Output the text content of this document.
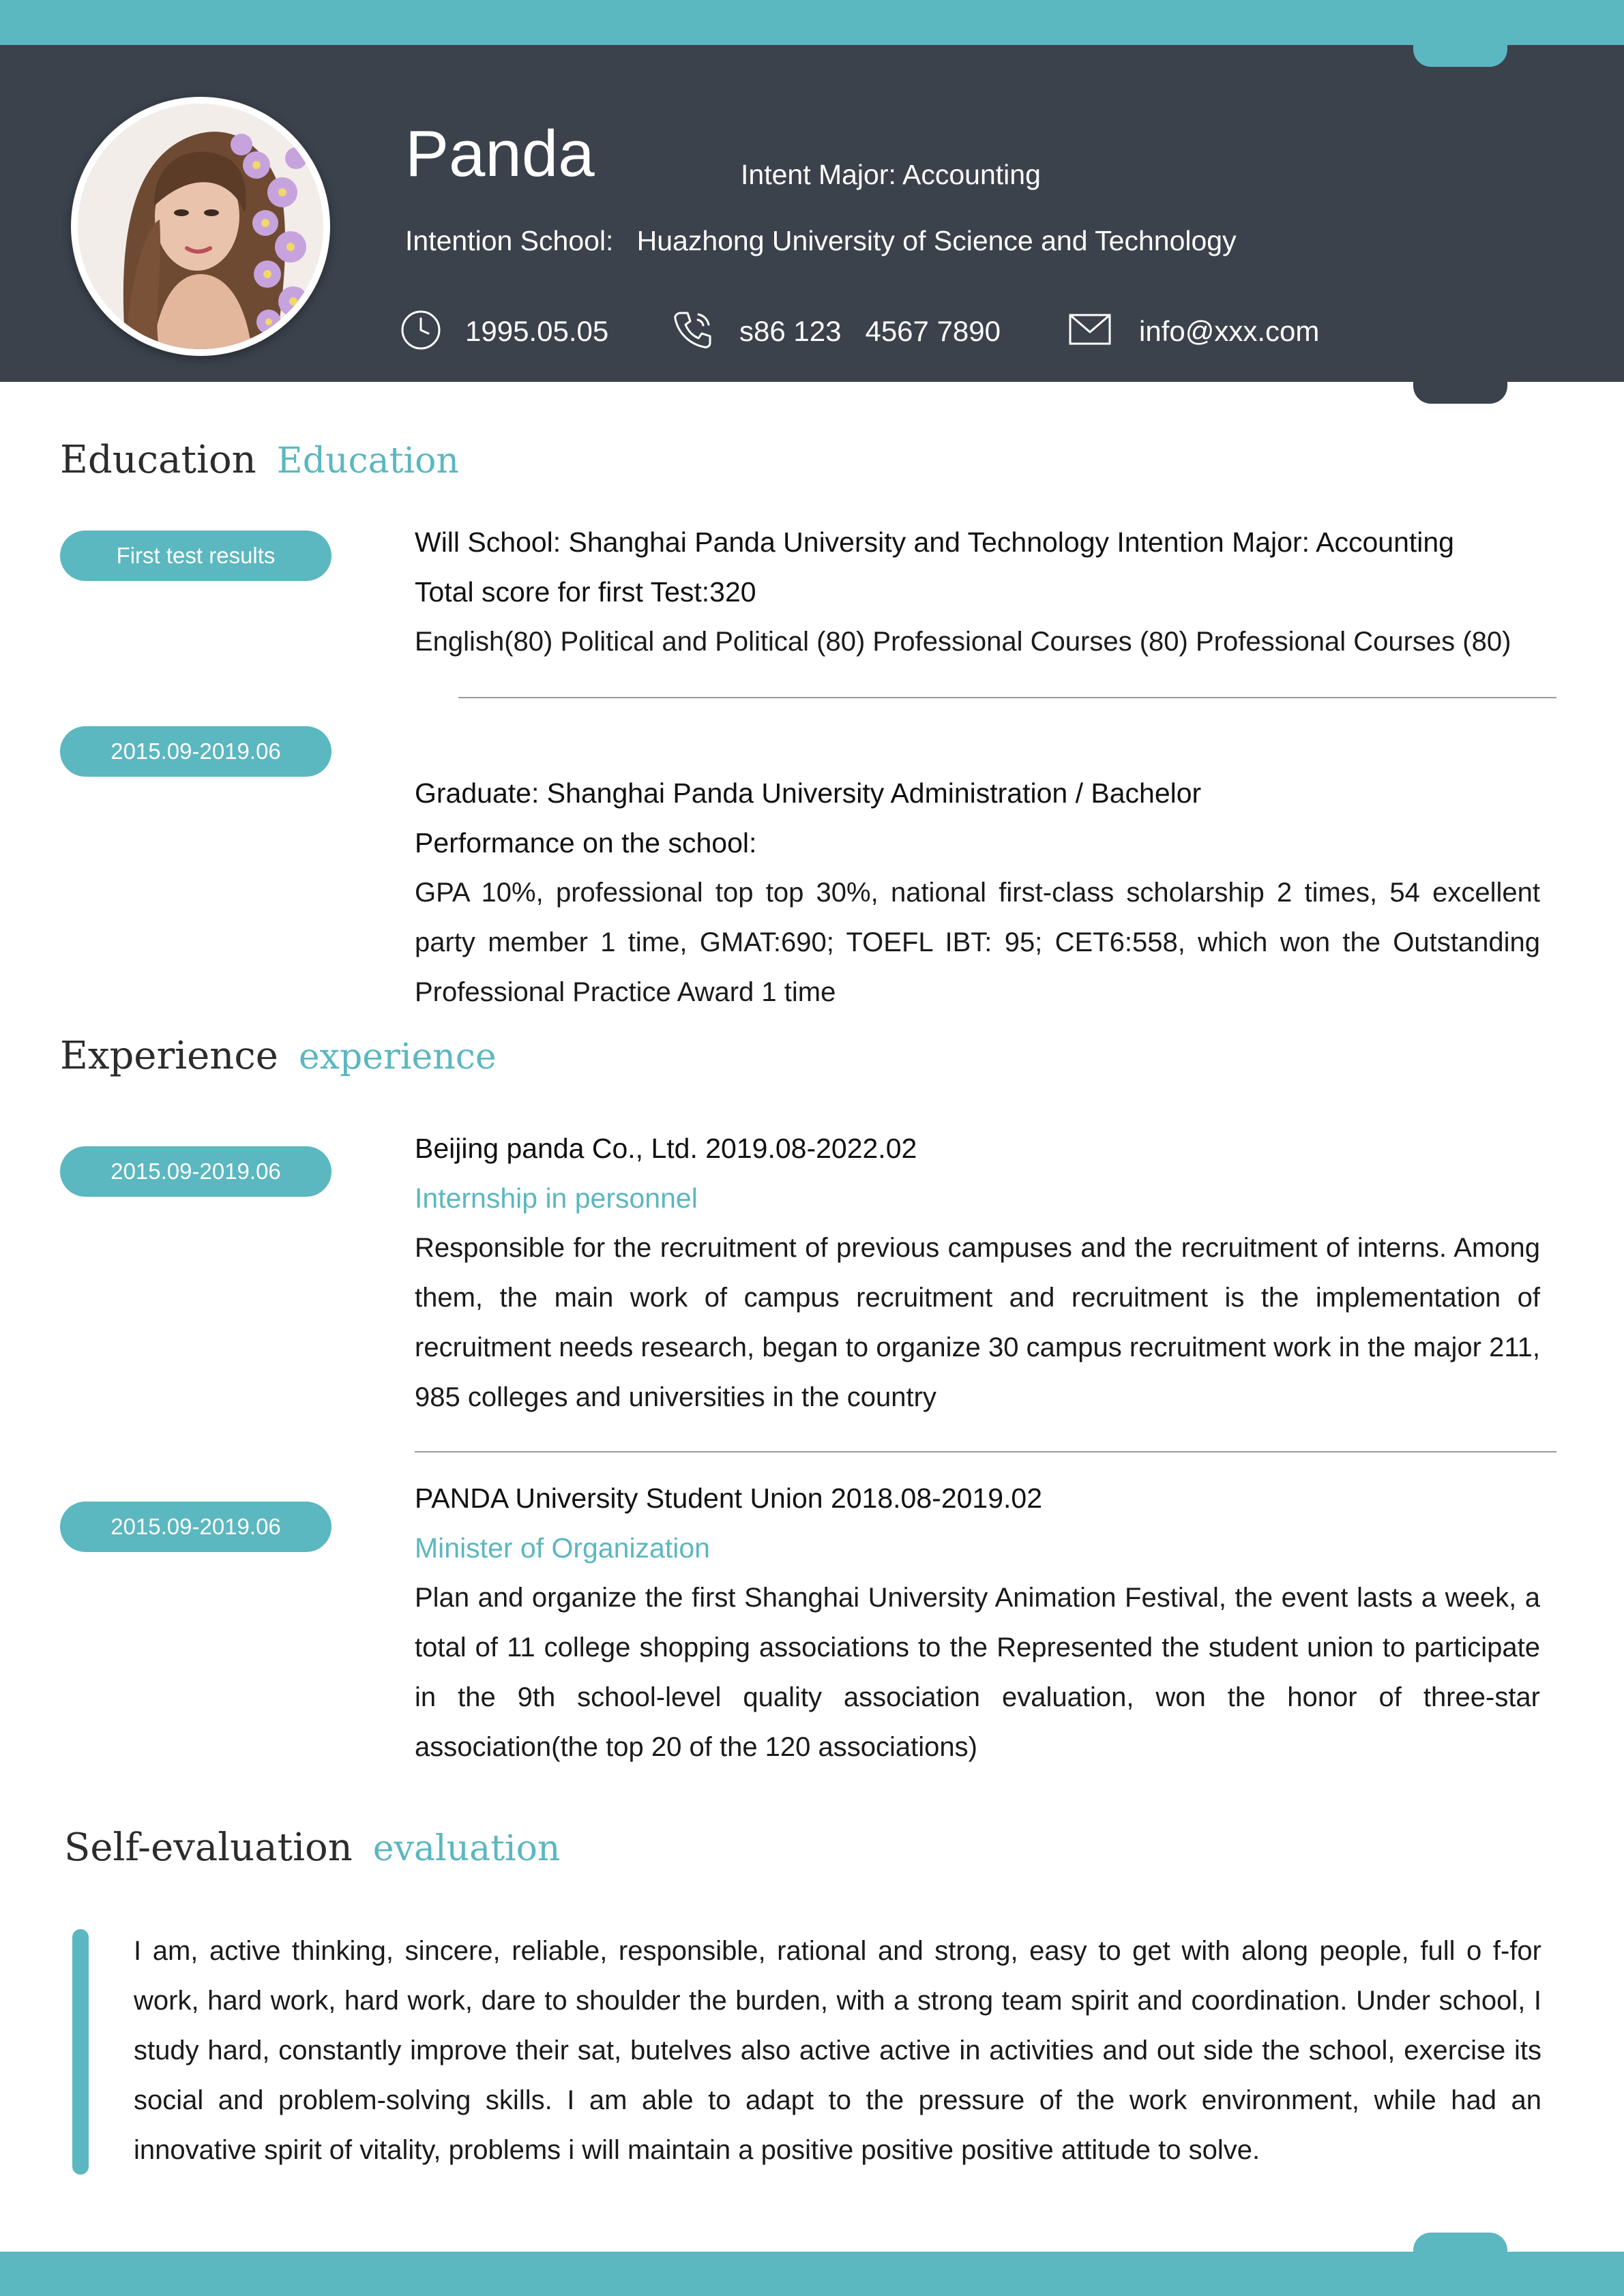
Panda	Intent Major: Accounting
Intention School:   Huazhong University of Science and Technology
1995.05.05	s86 123   4567 7890	info@xxx.com
Education Education
First test results	Will School: Shanghai Panda University and Technology Intention Major: Accounting
Total score for first Test:320
English(80) Political and Political (80) Professional Courses (80) Professional Courses (80)
2015.09-2019.06
Graduate: Shanghai Panda University Administration / Bachelor
Performance on the school:
GPA 10%, professional top top 30%, national first-class scholarship 2 times, 54 excellent party member 1 time, GMAT:690; TOEFL IBT: 95; CET6:558, which won the Outstanding Professional Practice Award 1 time
Experience experience
2015.09-2019.06
Beijing panda Co., Ltd. 2019.08-2022.02
Internship in personnel
Responsible for the recruitment of previous campuses and the recruitment of interns. Among them, the main work of campus recruitment and recruitment is the implementation of recruitment needs research, began to organize 30 campus recruitment work in the major 211, 985 colleges and universities in the country
2015.09-2019.06
PANDA University Student Union 2018.08-2019.02
Minister of Organization
Plan and organize the first Shanghai University Animation Festival, the event lasts a week, a total of 11 college shopping associations to the Represented the student union to participate in the 9th school-level quality association evaluation, won the honor of three-star association(the top 20 of the 120 associations)
Self-evaluation evaluation
I am, active thinking, sincere, reliable, responsible, rational and strong, easy to get with along people, full o f-for work, hard work, hard work, dare to shoulder the burden, with a strong team spirit and coordination. Under school, I study hard, constantly improve their sat, butelves also active active in activities and out side the school, exercise its social and problem-solving skills. I am able to adapt to the pressure of the work environment, while had an innovative spirit of vitality, problems i will maintain a positive positive positive attitude to solve.
